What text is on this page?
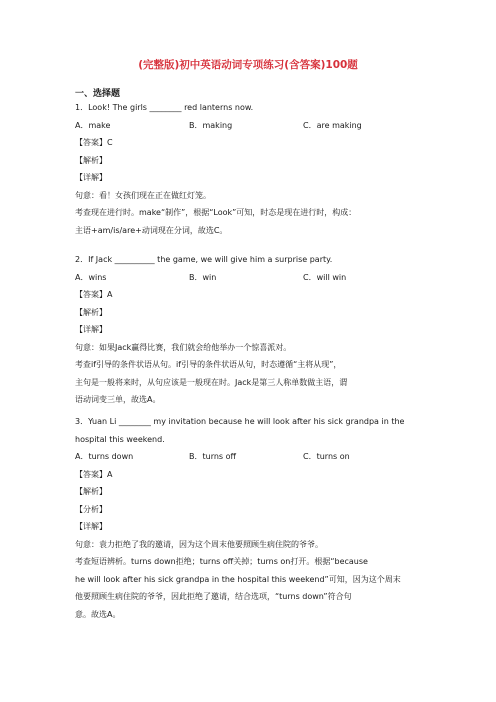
(完整版)初中英语动词专项练习(含答案)100题
一、选择题
1．Look! The girls ________ red lanterns now.
A．make	B．making	C．are making
【答案】C
【解析】
【详解】
句意：看！女孩们现在正在做红灯笼。
考查现在进行时。make“制作”，根据“Look”可知，时态是现在进行时，构成：
主语+am/is/are+动词现在分词，故选C。
2．If Jack __________ the game, we will give him a surprise party.
A．wins	B．win	C．will win
【答案】A
【解析】
【详解】
句意：如果Jack赢得比赛，我们就会给他举办一个惊喜派对。
考查if引导的条件状语从句。if引导的条件状语从句，时态遵循“主将从现”，
主句是一般将来时，从句应该是一般现在时。Jack是第三人称单数做主语，谓
语动词变三单，故选A。
3．Yuan Li ________ my invitation because he will look after his sick grandpa in the
hospital this weekend.
A．turns down	B．turns off	C．turns on
【答案】A
【解析】
【分析】
【详解】
句意：袁力拒绝了我的邀请，因为这个周末他要照顾生病住院的爷爷。
考查短语辨析。turns down拒绝；turns off关掉；turns on打开。根据“because
he will look after his sick grandpa in the hospital this weekend”可知，因为这个周末
他要照顾生病住院的爷爷，因此拒绝了邀请，结合选项，“turns down”符合句
意。故选A。
